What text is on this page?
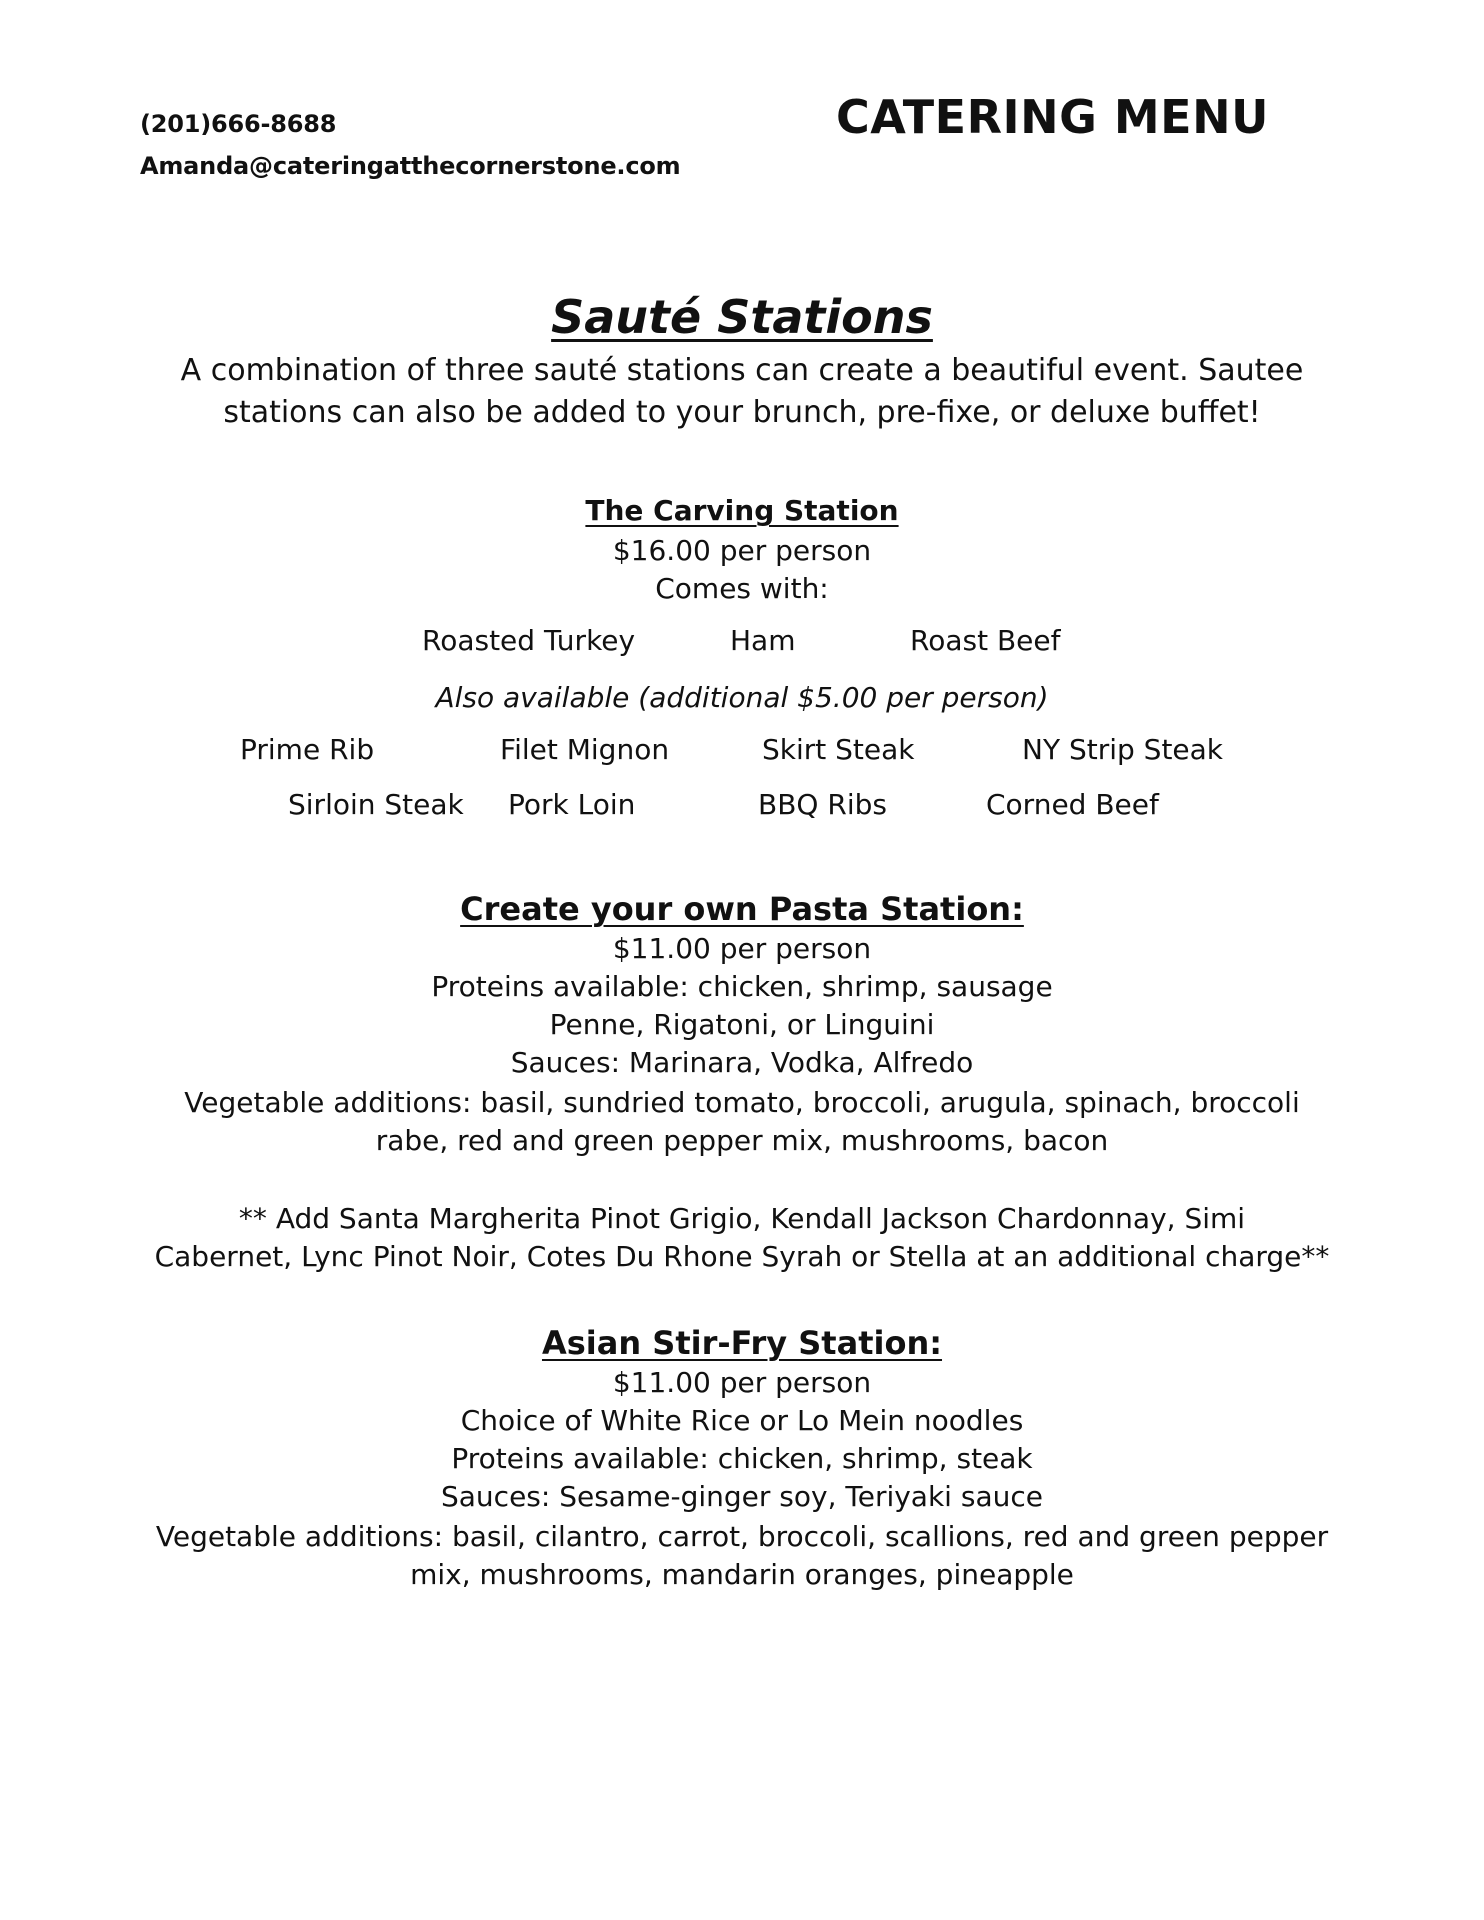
(201)666-8688
Amanda@cateringatthecornerstone.com
CATERING MENU
Sauté Stations
A combination of three sauté stations can create a beautiful event. Sautee
stations can also be added to your brunch, pre-fixe, or deluxe buffet!
The Carving Station
$16.00 per person
Comes with:
Roasted Turkey	Ham	Roast Beef
Also available (additional $5.00 per person)
Prime Rib	Filet Mignon	Skirt Steak	NY Strip Steak
Sirloin Steak Pork Loin	BBQ Ribs	Corned Beef
Create your own Pasta Station:
$11.00 per person
Proteins available: chicken, shrimp, sausage
Penne, Rigatoni, or Linguini
Sauces: Marinara, Vodka, Alfredo
Vegetable additions: basil, sundried tomato, broccoli, arugula, spinach, broccoli
rabe, red and green pepper mix, mushrooms, bacon
** Add Santa Margherita Pinot Grigio, Kendall Jackson Chardonnay, Simi
Cabernet, Lync Pinot Noir, Cotes Du Rhone Syrah or Stella at an additional charge**
Asian Stir-Fry Station:
$11.00 per person
Choice of White Rice or Lo Mein noodles
Proteins available: chicken, shrimp, steak
Sauces: Sesame-ginger soy, Teriyaki sauce
Vegetable additions: basil, cilantro, carrot, broccoli, scallions, red and green pepper
mix, mushrooms, mandarin oranges, pineapple
